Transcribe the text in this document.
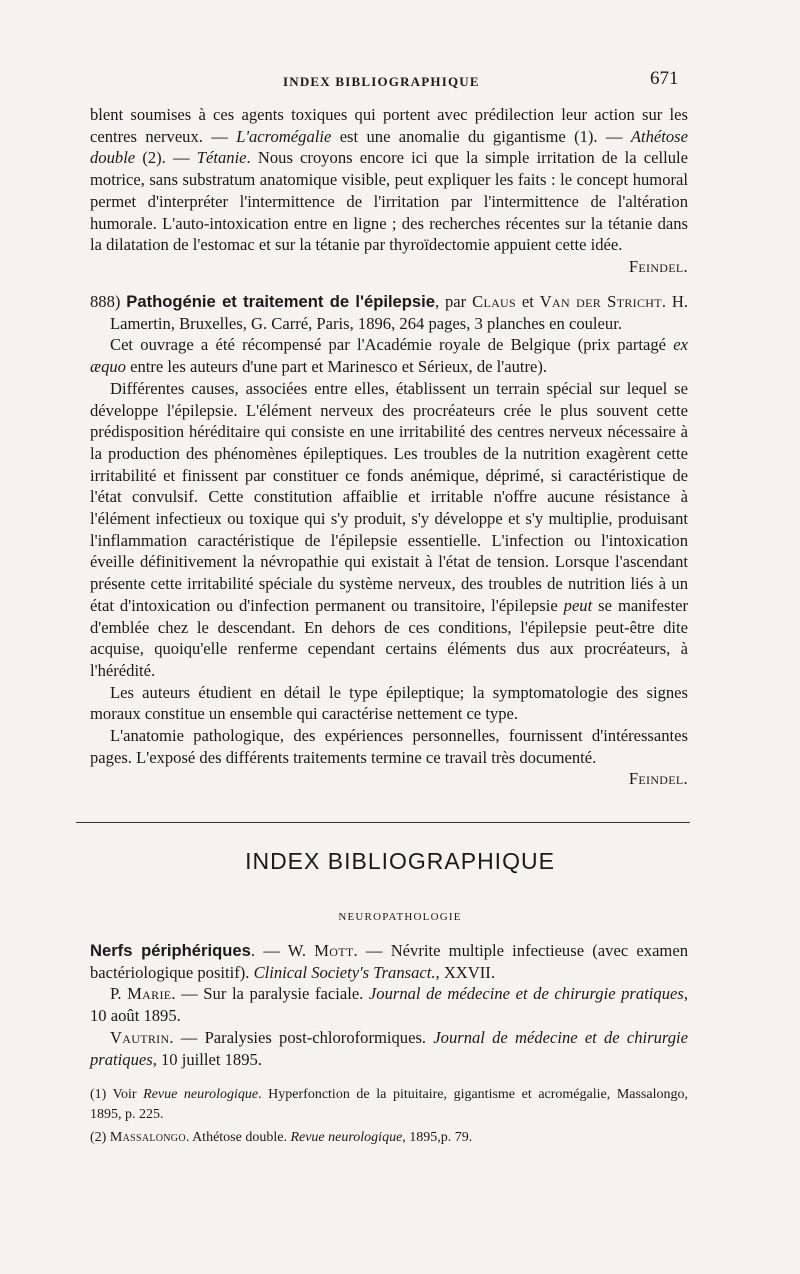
INDEX BIBLIOGRAPHIQUE	671

blent soumises à ces agents toxiques qui portent avec prédilection leur action sur les centres nerveux. — L'acromégalie est une anomalie du gigantisme (1). — Athétose double (2). — Tétanie. Nous croyons encore ici que la simple irritation de la cellule motrice, sans substratum anatomique visible, peut expliquer les faits : le concept humoral permet d'interpréter l'intermittence de l'irritation par l'intermittence de l'altération humorale. L'auto-intoxication entre en ligne ; des recherches récentes sur la tétanie dans la dilatation de l'estomac et sur la tétanie par thyroïdectomie appuient cette idée.

Feindel.

888) Pathogénie et traitement de l'épilepsie, par Claus et Van der Stricht. H. Lamertin, Bruxelles, G. Carré, Paris, 1896, 264 pages, 3 planches en couleur.

Cet ouvrage a été récompensé par l'Académie royale de Belgique (prix partagé ex æquo entre les auteurs d'une part et Marinesco et Sérieux, de l'autre).

Différentes causes, associées entre elles, établissent un terrain spécial sur lequel se développe l'épilepsie. L'élément nerveux des procréateurs crée le plus souvent cette prédisposition héréditaire qui consiste en une irritabilité des centres nerveux nécessaire à la production des phénomènes épileptiques. Les troubles de la nutrition exagèrent cette irritabilité et finissent par constituer ce fonds anémique, déprimé, si caractéristique de l'état convulsif. Cette constitution affaiblie et irritable n'offre aucune résistance à l'élément infectieux ou toxique qui s'y produit, s'y développe et s'y multiplie, produisant l'inflammation caractéristique de l'épilepsie essentielle. L'infection ou l'intoxication éveille définitivement la névropathie qui existait à l'état de tension. Lorsque l'ascendant présente cette irritabilité spéciale du système nerveux, des troubles de nutrition liés à un état d'intoxication ou d'infection permanent ou transitoire, l'épilepsie peut se manifester d'emblée chez le descendant. En dehors de ces conditions, l'épilepsie peut-être dite acquise, quoiqu'elle renferme cependant certains éléments dus aux procréateurs, à l'hérédité.

Les auteurs étudient en détail le type épileptique; la symptomatologie des signes moraux constitue un ensemble qui caractérise nettement ce type.

L'anatomie pathologique, des expériences personnelles, fournissent d'intéressantes pages. L'exposé des différents traitements termine ce travail très documenté.

Feindel.

INDEX BIBLIOGRAPHIQUE
NEUROPATHOLOGIE

Nerfs périphériques. — W. Mott. — Névrite multiple infectieuse (avec examen bactériologique positif). Clinical Society's Transact., XXVII.

P. Marie. — Sur la paralysie faciale. Journal de médecine et de chirurgie pratiques, 10 août 1895.

Vautrin. — Paralysies post-chloroformiques. Journal de médecine et de chirurgie pratiques, 10 juillet 1895.

(1) Voir Revue neurologique. Hyperfonction de la pituitaire, gigantisme et acromégalie, Massalongo, 1895, p. 225.

(2) Massalongo. Athétose double. Revue neurologique, 1895,p. 79.
